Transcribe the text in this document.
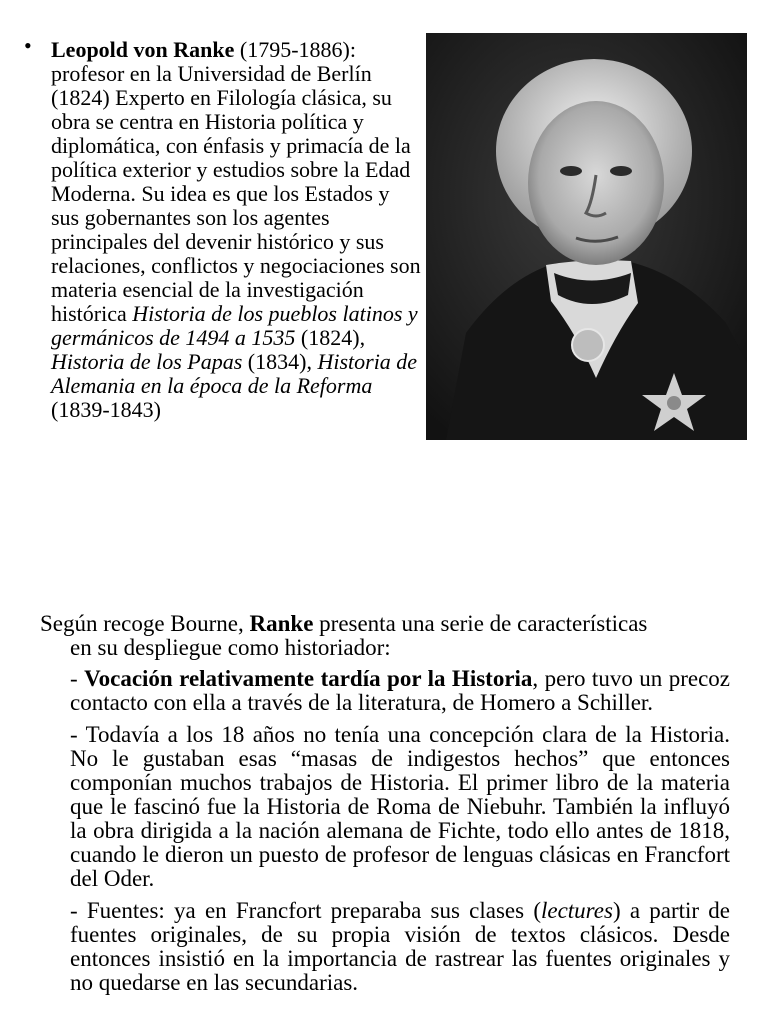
• Leopold von Ranke (1795-1886): profesor en la Universidad de Berlín (1824) Experto en Filología clásica, su obra se centra en Historia política y diplomática, con énfasis y primacía de la política exterior y estudios sobre la Edad Moderna. Su idea es que los Estados y sus gobernantes son los agentes principales del devenir histórico y sus relaciones, conflictos y negociaciones son materia esencial de la investigación histórica Historia de los pueblos latinos y germánicos de 1494 a 1535 (1824), Historia de los Papas (1834), Historia de Alemania en la época de la Reforma (1839-1843)

Según recoge Bourne, Ranke presenta una serie de características
en su despliegue como historiador:

- Vocación relativamente tardía por la Historia, pero tuvo un precoz contacto con ella a través de la literatura, de Homero a Schiller.

- Todavía a los 18 años no tenía una concepción clara de la Historia. No le gustaban esas “masas de indigestos hechos” que entonces componían muchos trabajos de Historia. El primer libro de la materia que le fascinó fue la Historia de Roma de Niebuhr. También la influyó la obra dirigida a la nación alemana de Fichte, todo ello antes de 1818, cuando le dieron un puesto de profesor de lenguas clásicas en Francfort del Oder.

- Fuentes: ya en Francfort preparaba sus clases (lectures) a partir de fuentes originales, de su propia visión de textos clásicos. Desde entonces insistió en la importancia de rastrear las fuentes originales y no quedarse en las secundarias.
